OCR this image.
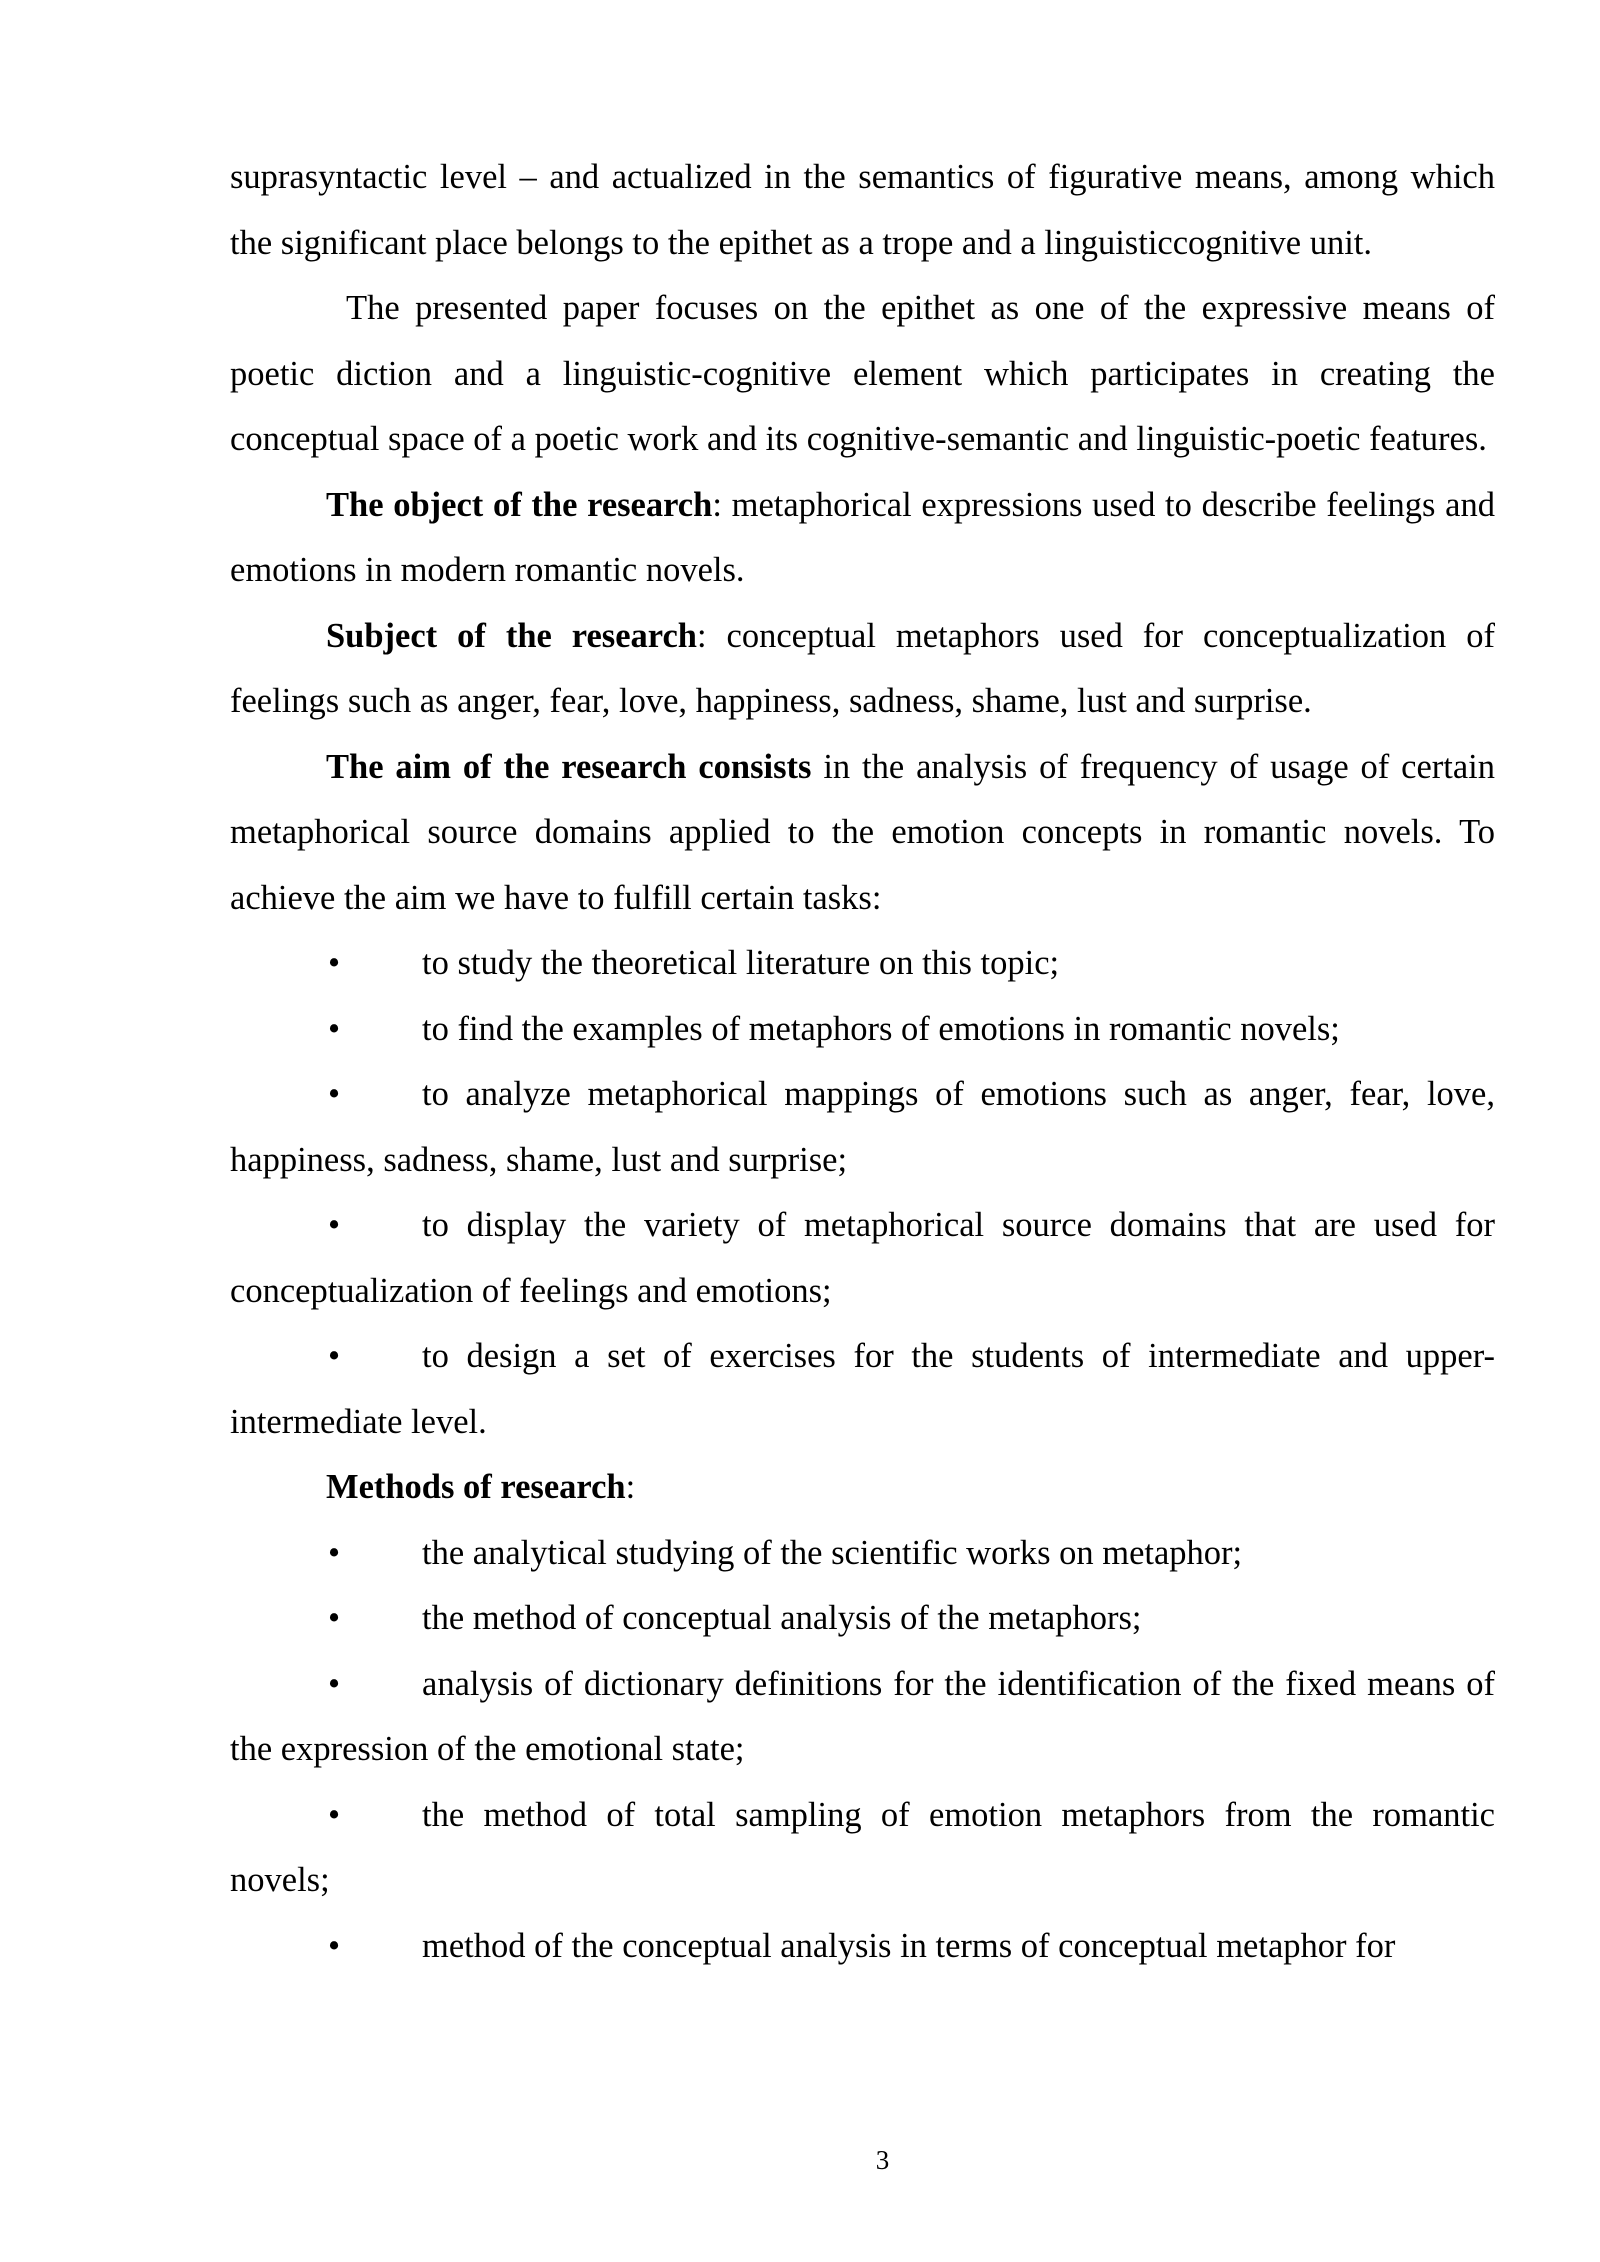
suprasyntactic level – and actualized in the semantics of figurative means, among which the significant place belongs to the epithet as a trope and a linguisticcognitive unit.

The presented paper focuses on the epithet as one of the expressive means of poetic diction and a linguistic-cognitive element which participates in creating the conceptual space of a poetic work and its cognitive-semantic and linguistic-poetic features.

The object of the research: metaphorical expressions used to describe feelings and emotions in modern romantic novels.

Subject of the research: conceptual metaphors used for conceptualization of feelings such as anger, fear, love, happiness, sadness, shame, lust and surprise.

The aim of the research consists in the analysis of frequency of usage of certain metaphorical source domains applied to the emotion concepts in romantic novels. To achieve the aim we have to fulfill certain tasks:

• to study the theoretical literature on this topic;

• to find the examples of metaphors of emotions in romantic novels;

• to analyze metaphorical mappings of emotions such as anger, fear, love, happiness, sadness, shame, lust and surprise;

• to display the variety of metaphorical source domains that are used for conceptualization of feelings and emotions;

• to design a set of exercises for the students of intermediate and upper-intermediate level.

Methods of research:

• the analytical studying of the scientific works on metaphor;

• the method of conceptual analysis of the metaphors;

• analysis of dictionary definitions for the identification of the fixed means of the expression of the emotional state;

• the method of total sampling of emotion metaphors from the romantic novels;

• method of the conceptual analysis in terms of conceptual metaphor for

3
